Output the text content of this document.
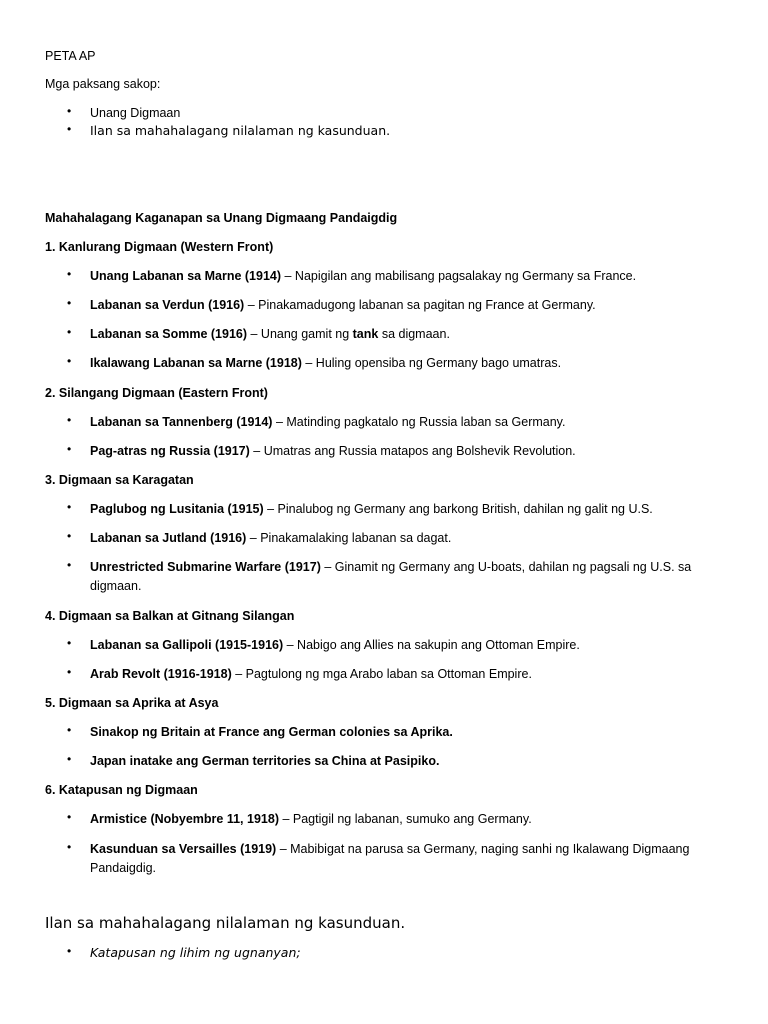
PETA AP
Mga paksang sakop:
• Unang Digmaan
• Ilan sa mahahalagang nilalaman ng kasunduan.
Mahahalagang Kaganapan sa Unang Digmaang Pandaigdig
1. Kanlurang Digmaan (Western Front)
• Unang Labanan sa Marne (1914) – Napigilan ang mabilisang pagsalakay ng Germany sa France.
• Labanan sa Verdun (1916) – Pinakamadugong labanan sa pagitan ng France at Germany.
• Labanan sa Somme (1916) – Unang gamit ng tank sa digmaan.
• Ikalawang Labanan sa Marne (1918) – Huling opensiba ng Germany bago umatras.
2. Silangang Digmaan (Eastern Front)
• Labanan sa Tannenberg (1914) – Matinding pagkatalo ng Russia laban sa Germany.
• Pag-atras ng Russia (1917) – Umatras ang Russia matapos ang Bolshevik Revolution.
3. Digmaan sa Karagatan
• Paglubog ng Lusitania (1915) – Pinalubog ng Germany ang barkong British, dahilan ng galit ng U.S.
• Labanan sa Jutland (1916) – Pinakamalaking labanan sa dagat.
• Unrestricted Submarine Warfare (1917) – Ginamit ng Germany ang U-boats, dahilan ng pagsali ng U.S. sa digmaan.
4. Digmaan sa Balkan at Gitnang Silangan
• Labanan sa Gallipoli (1915-1916) – Nabigo ang Allies na sakupin ang Ottoman Empire.
• Arab Revolt (1916-1918) – Pagtulong ng mga Arabo laban sa Ottoman Empire.
5. Digmaan sa Aprika at Asya
• Sinakop ng Britain at France ang German colonies sa Aprika.
• Japan inatake ang German territories sa China at Pasipiko.
6. Katapusan ng Digmaan
• Armistice (Nobyembre 11, 1918) – Pagtigil ng labanan, sumuko ang Germany.
• Kasunduan sa Versailles (1919) – Mabibigat na parusa sa Germany, naging sanhi ng Ikalawang Digmaang Pandaigdig.
Ilan sa mahahalagang nilalaman ng kasunduan.
• Katapusan ng lihim ng ugnanyan;
